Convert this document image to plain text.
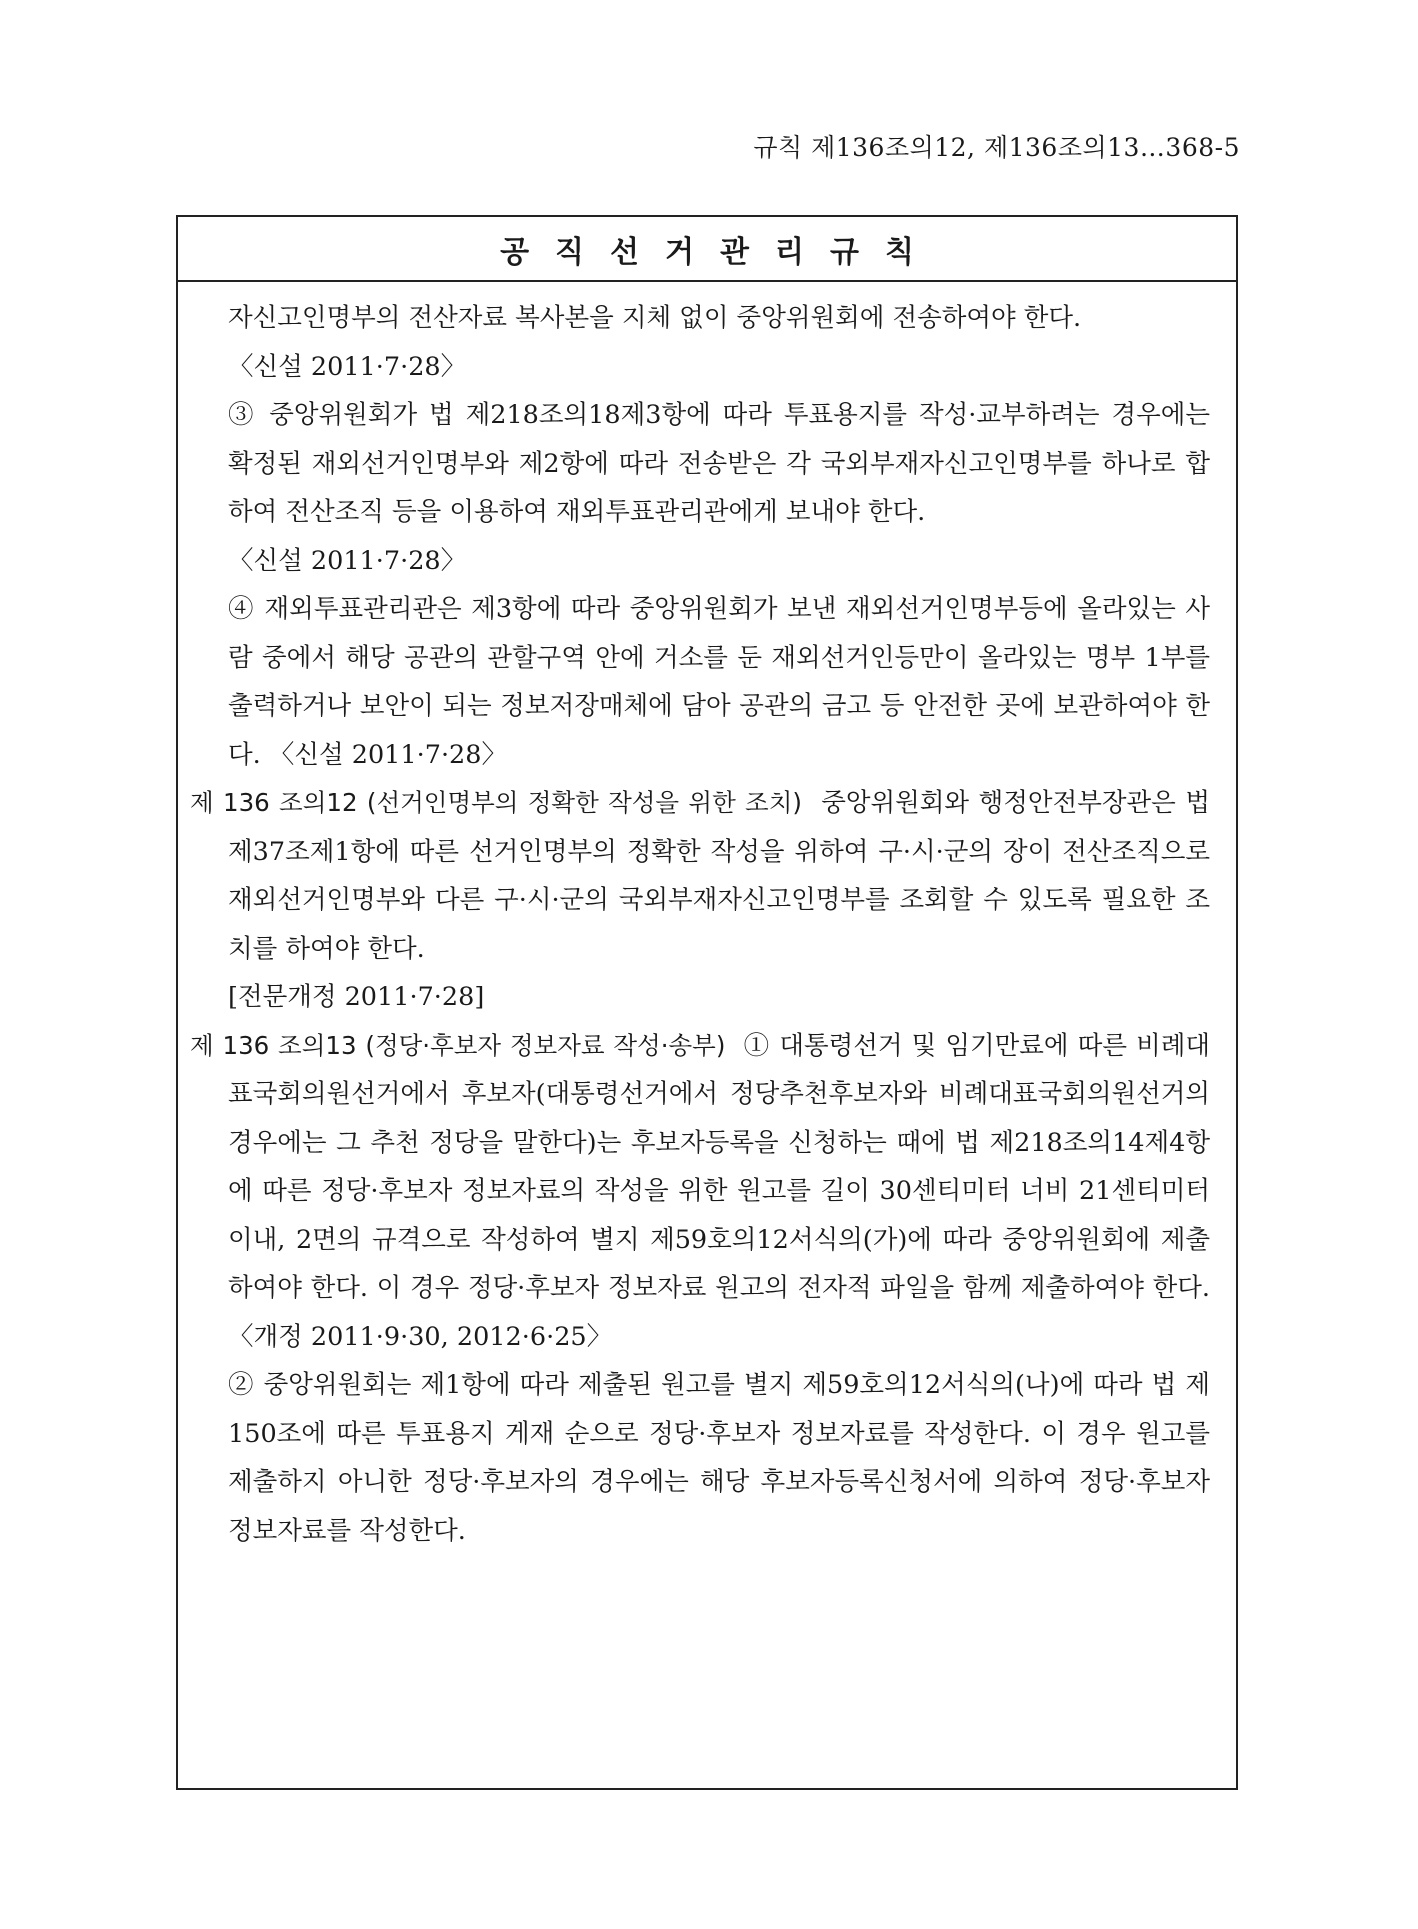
규칙 제136조의12, 제136조의13…368-5
공직선거관리규칙

자신고인명부의 전산자료 복사본을 지체 없이 중앙위원회에 전송하여야 한다.

〈신설 2011·7·28〉

③ 중앙위원회가 법 제218조의18제3항에 따라 투표용지를 작성·교부하려는 경우에는 확정된 재외선거인명부와 제2항에 따라 전송받은 각 국외부재자신고인명부를 하나로 합하여 전산조직 등을 이용하여 재외투표관리관에게 보내야 한다.

〈신설 2011·7·28〉

④ 재외투표관리관은 제3항에 따라 중앙위원회가 보낸 재외선거인명부등에 올라있는 사람 중에서 해당 공관의 관할구역 안에 거소를 둔 재외선거인등만이 올라있는 명부 1부를 출력하거나 보안이 되는 정보저장매체에 담아 공관의 금고 등 안전한 곳에 보관하여야 한다. 〈신설 2011·7·28〉

제 136 조의12 (선거인명부의 정확한 작성을 위한 조치) 중앙위원회와 행정안전부장관은 법 제37조제1항에 따른 선거인명부의 정확한 작성을 위하여 구·시·군의 장이 전산조직으로 재외선거인명부와 다른 구·시·군의 국외부재자신고인명부를 조회할 수 있도록 필요한 조치를 하여야 한다.

[전문개정 2011·7·28]

제 136 조의13 (정당·후보자 정보자료 작성·송부) ① 대통령선거 및 임기만료에 따른 비례대표국회의원선거에서 후보자(대통령선거에서 정당추천후보자와 비례대표국회의원선거의 경우에는 그 추천 정당을 말한다)는 후보자등록을 신청하는 때에 법 제218조의14제4항에 따른 정당·후보자 정보자료의 작성을 위한 원고를 길이 30센티미터 너비 21센티미터 이내, 2면의 규격으로 작성하여 별지 제59호의12서식의(가)에 따라 중앙위원회에 제출하여야 한다. 이 경우 정당·후보자 정보자료 원고의 전자적 파일을 함께 제출하여야 한다. 〈개정 2011·9·30, 2012·6·25〉

② 중앙위원회는 제1항에 따라 제출된 원고를 별지 제59호의12서식의(나)에 따라 법 제150조에 따른 투표용지 게재 순으로 정당·후보자 정보자료를 작성한다. 이 경우 원고를 제출하지 아니한 정당·후보자의 경우에는 해당 후보자등록신청서에 의하여 정당·후보자정보자료를 작성한다.
